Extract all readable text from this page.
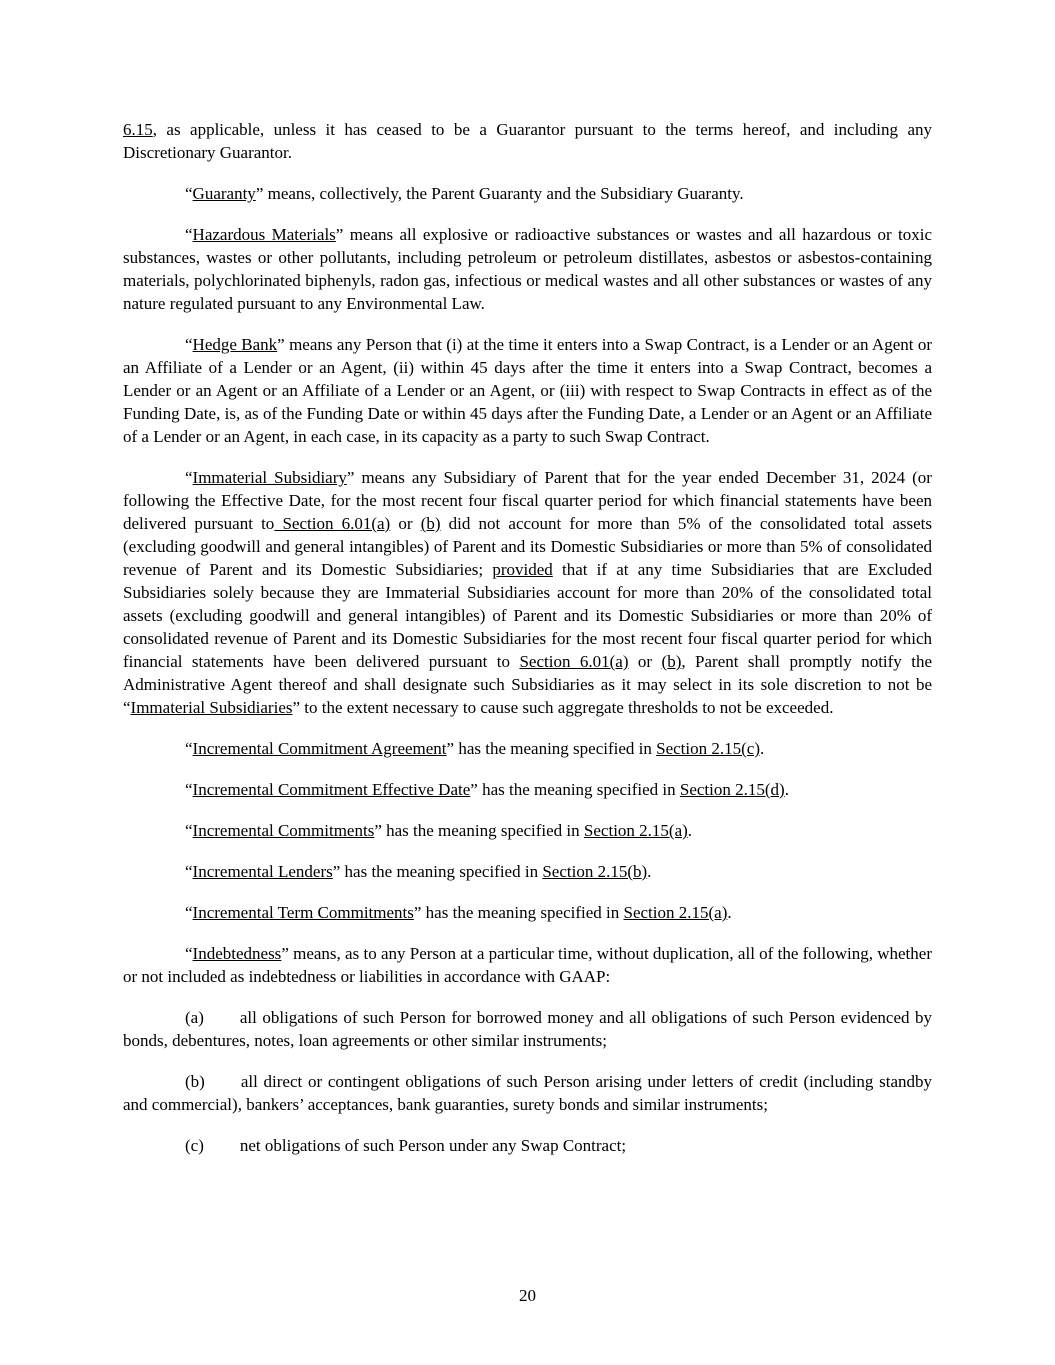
6.15, as applicable, unless it has ceased to be a Guarantor pursuant to the terms hereof, and including any Discretionary Guarantor.

“Guaranty” means, collectively, the Parent Guaranty and the Subsidiary Guaranty.

“Hazardous Materials” means all explosive or radioactive substances or wastes and all hazardous or toxic substances, wastes or other pollutants, including petroleum or petroleum distillates, asbestos or asbestos-containing materials, polychlorinated biphenyls, radon gas, infectious or medical wastes and all other substances or wastes of any nature regulated pursuant to any Environmental Law.

“Hedge Bank” means any Person that (i) at the time it enters into a Swap Contract, is a Lender or an Agent or an Affiliate of a Lender or an Agent, (ii) within 45 days after the time it enters into a Swap Contract, becomes a Lender or an Agent or an Affiliate of a Lender or an Agent, or (iii) with respect to Swap Contracts in effect as of the Funding Date, is, as of the Funding Date or within 45 days after the Funding Date, a Lender or an Agent or an Affiliate of a Lender or an Agent, in each case, in its capacity as a party to such Swap Contract.

“Immaterial Subsidiary” means any Subsidiary of Parent that for the year ended December 31, 2024 (or following the Effective Date, for the most recent four fiscal quarter period for which financial statements have been delivered pursuant to Section 6.01(a) or (b) did not account for more than 5% of the consolidated total assets (excluding goodwill and general intangibles) of Parent and its Domestic Subsidiaries or more than 5% of consolidated revenue of Parent and its Domestic Subsidiaries; provided that if at any time Subsidiaries that are Excluded Subsidiaries solely because they are Immaterial Subsidiaries account for more than 20% of the consolidated total assets (excluding goodwill and general intangibles) of Parent and its Domestic Subsidiaries or more than 20% of consolidated revenue of Parent and its Domestic Subsidiaries for the most recent four fiscal quarter period for which financial statements have been delivered pursuant to Section 6.01(a) or (b), Parent shall promptly notify the Administrative Agent thereof and shall designate such Subsidiaries as it may select in its sole discretion to not be “Immaterial Subsidiaries” to the extent necessary to cause such aggregate thresholds to not be exceeded.

“Incremental Commitment Agreement” has the meaning specified in Section 2.15(c).

“Incremental Commitment Effective Date” has the meaning specified in Section 2.15(d).

“Incremental Commitments” has the meaning specified in Section 2.15(a).

“Incremental Lenders” has the meaning specified in Section 2.15(b).

“Incremental Term Commitments” has the meaning specified in Section 2.15(a).

“Indebtedness” means, as to any Person at a particular time, without duplication, all of the following, whether or not included as indebtedness or liabilities in accordance with GAAP:

(a) all obligations of such Person for borrowed money and all obligations of such Person evidenced by bonds, debentures, notes, loan agreements or other similar instruments;

(b) all direct or contingent obligations of such Person arising under letters of credit (including standby and commercial), bankers’ acceptances, bank guaranties, surety bonds and similar instruments;

(c) net obligations of such Person under any Swap Contract;

20
